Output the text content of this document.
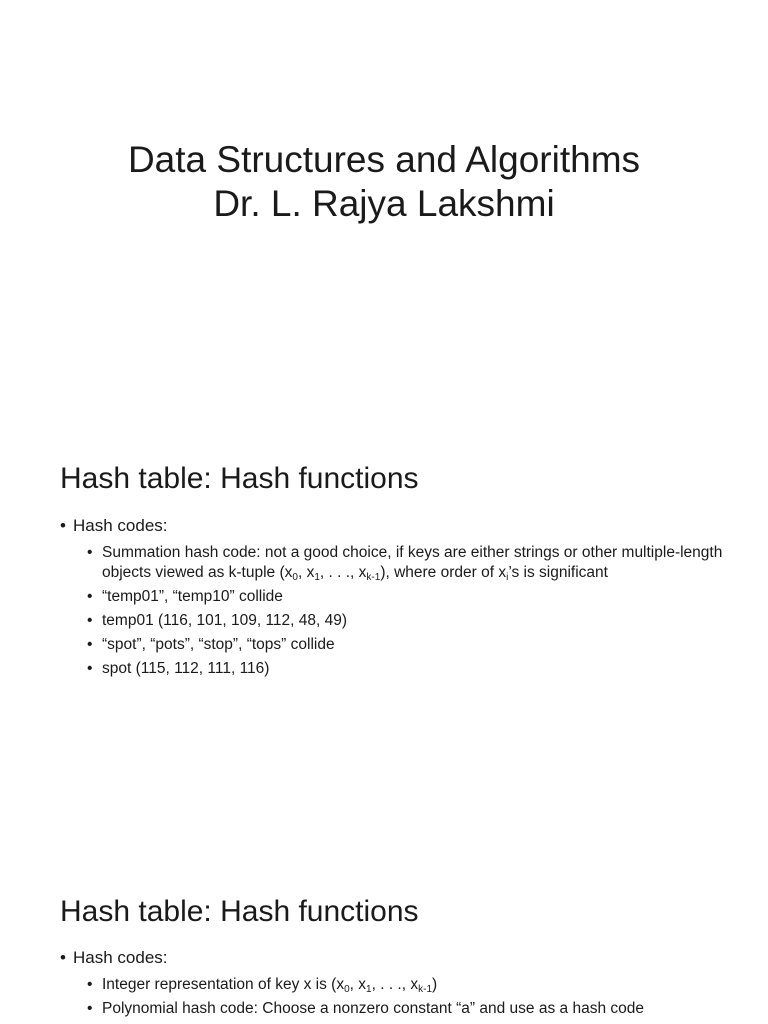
Data Structures and Algorithms
Dr. L. Rajya Lakshmi
Hash table: Hash functions
• Hash codes:
• Summation hash code: not a good choice, if keys are either strings or other multiple-length objects viewed as k-tuple ($x_0$, $x_1$, . . ., $x_{k-1}$), where order of $x_i’s$ is significant
• “temp01”, “temp10” collide
• temp01 (116, 101, 109, 112, 48, 49)
• “spot”, “pots”, “stop”, “tops” collide
• spot (115, 112, 111, 116)
Hash table: Hash functions
• Hash codes:
• Integer representation of key x is ($x_0$, $x_1$, . . ., $x_{k-1}$)
• Polynomial hash code: Choose a nonzero constant “a” and use as a hash code
